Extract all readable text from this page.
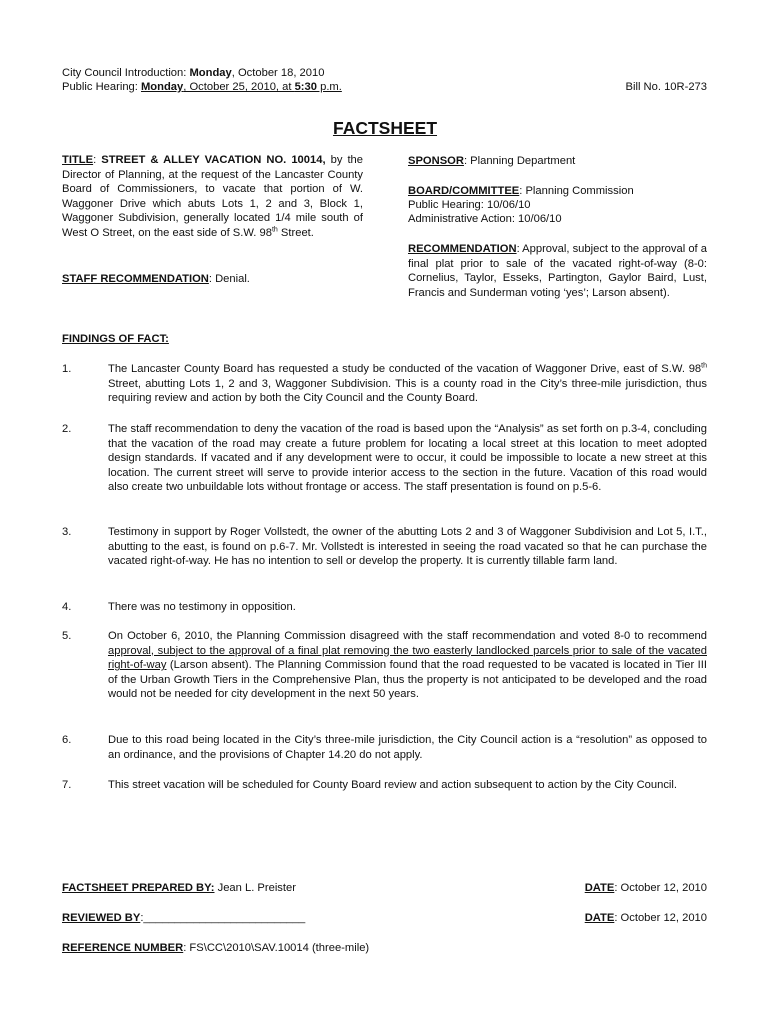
City Council Introduction: Monday, October 18, 2010
Public Hearing: Monday, October 25, 2010, at 5:30 p.m.	Bill No. 10R-273
FACTSHEET
TITLE: STREET & ALLEY VACATION NO. 10014, by the Director of Planning, at the request of the Lancaster County Board of Commissioners, to vacate that portion of W. Waggoner Drive which abuts Lots 1, 2 and 3, Block 1, Waggoner Subdivision, generally located 1/4 mile south of West O Street, on the east side of S.W. 98th Street.
STAFF RECOMMENDATION: Denial.
SPONSOR: Planning Department
BOARD/COMMITTEE: Planning Commission
Public Hearing: 10/06/10
Administrative Action: 10/06/10
RECOMMENDATION: Approval, subject to the approval of a final plat prior to sale of the vacated right-of-way (8-0: Cornelius, Taylor, Esseks, Partington, Gaylor Baird, Lust, Francis and Sunderman voting ‘yes’; Larson absent).
FINDINGS OF FACT:
1.	The Lancaster County Board has requested a study be conducted of the vacation of Waggoner Drive, east of S.W. 98th Street, abutting Lots 1, 2 and 3, Waggoner Subdivision. This is a county road in the City’s three-mile jurisdiction, thus requiring review and action by both the City Council and the County Board.
2.	The staff recommendation to deny the vacation of the road is based upon the “Analysis” as set forth on p.3-4, concluding that the vacation of the road may create a future problem for locating a local street at this location to meet adopted design standards. If vacated and if any development were to occur, it could be impossible to locate a new street at this location. The current street will serve to provide interior access to the section in the future. Vacation of this road would also create two unbuildable lots without frontage or access. The staff presentation is found on p.5-6.
3.	Testimony in support by Roger Vollstedt, the owner of the abutting Lots 2 and 3 of Waggoner Subdivision and Lot 5, I.T., abutting to the east, is found on p.6-7. Mr. Vollstedt is interested in seeing the road vacated so that he can purchase the vacated right-of-way. He has no intention to sell or develop the property. It is currently tillable farm land.
4.	There was no testimony in opposition.
5.	On October 6, 2010, the Planning Commission disagreed with the staff recommendation and voted 8-0 to recommend approval, subject to the approval of a final plat removing the two easterly landlocked parcels prior to sale of the vacated right-of-way (Larson absent). The Planning Commission found that the road requested to be vacated is located in Tier III of the Urban Growth Tiers in the Comprehensive Plan, thus the property is not anticipated to be developed and the road would not be needed for city development in the next 50 years.
6.	Due to this road being located in the City’s three-mile jurisdiction, the City Council action is a “resolution” as opposed to an ordinance, and the provisions of Chapter 14.20 do not apply.
7.	This street vacation will be scheduled for County Board review and action subsequent to action by the City Council.
FACTSHEET PREPARED BY: Jean L. Preister	DATE: October 12, 2010
REVIEWED BY:__________________________	DATE: October 12, 2010
REFERENCE NUMBER: FS\CC\2010\SAV.10014 (three-mile)
